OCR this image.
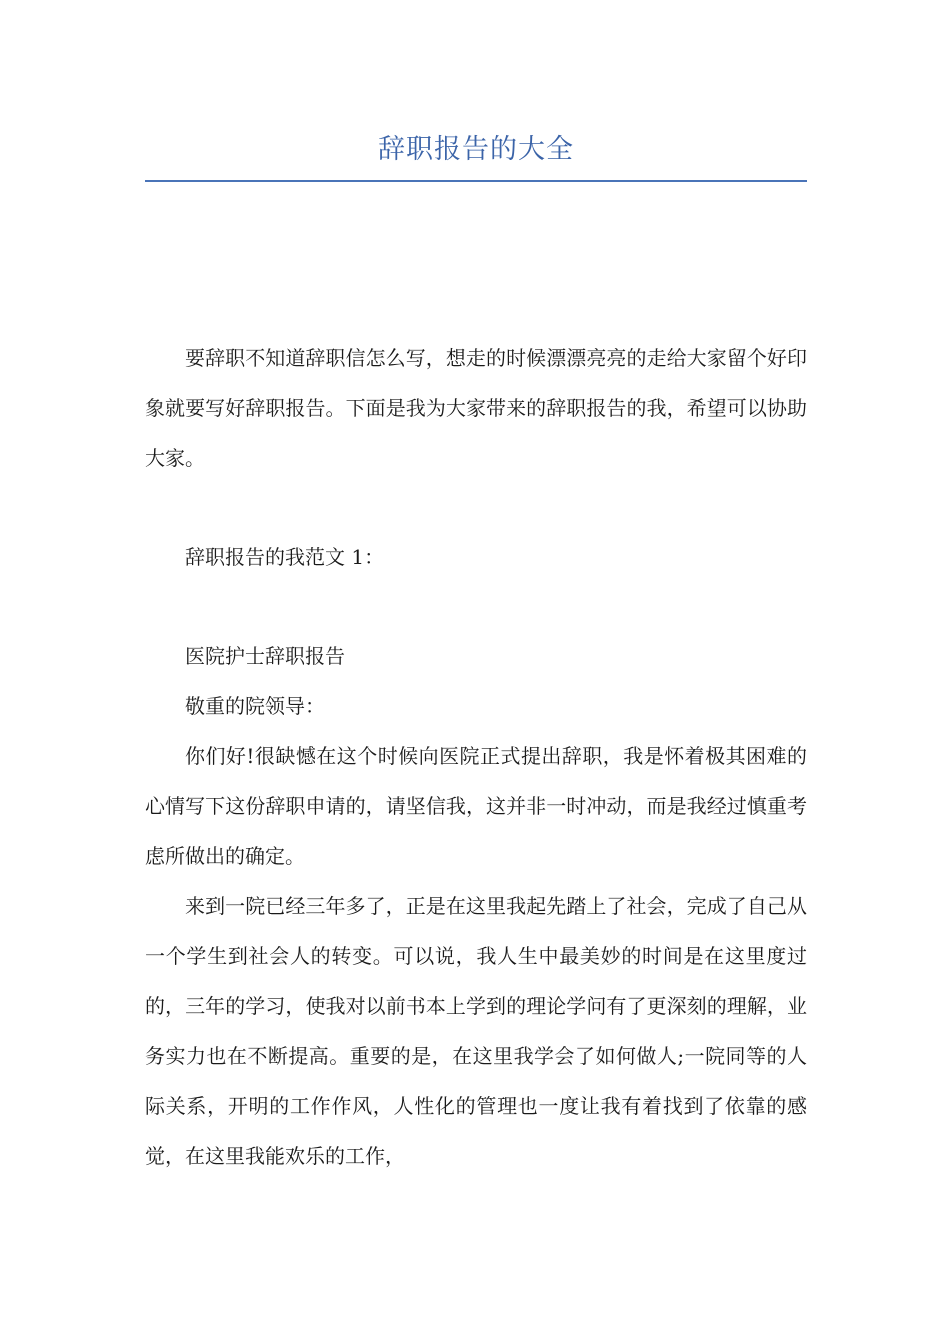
辞职报告的大全

要辞职不知道辞职信怎么写，想走的时候漂漂亮亮的走给大家留个好印象就要写好辞职报告。下面是我为大家带来的辞职报告的我，希望可以协助大家。

辞职报告的我范文 1：

医院护士辞职报告

敬重的院领导：

你们好!很缺憾在这个时候向医院正式提出辞职，我是怀着极其困难的心情写下这份辞职申请的，请坚信我，这并非一时冲动，而是我经过慎重考虑所做出的确定。

来到一院已经三年多了，正是在这里我起先踏上了社会，完成了自己从一个学生到社会人的转变。可以说，我人生中最美妙的时间是在这里度过的，三年的学习，使我对以前书本上学到的理论学问有了更深刻的理解，业务实力也在不断提高。重要的是，在这里我学会了如何做人;一院同等的人际关系，开明的工作作风，人性化的管理也一度让我有着找到了依靠的感觉，在这里我能欢乐的工作，
